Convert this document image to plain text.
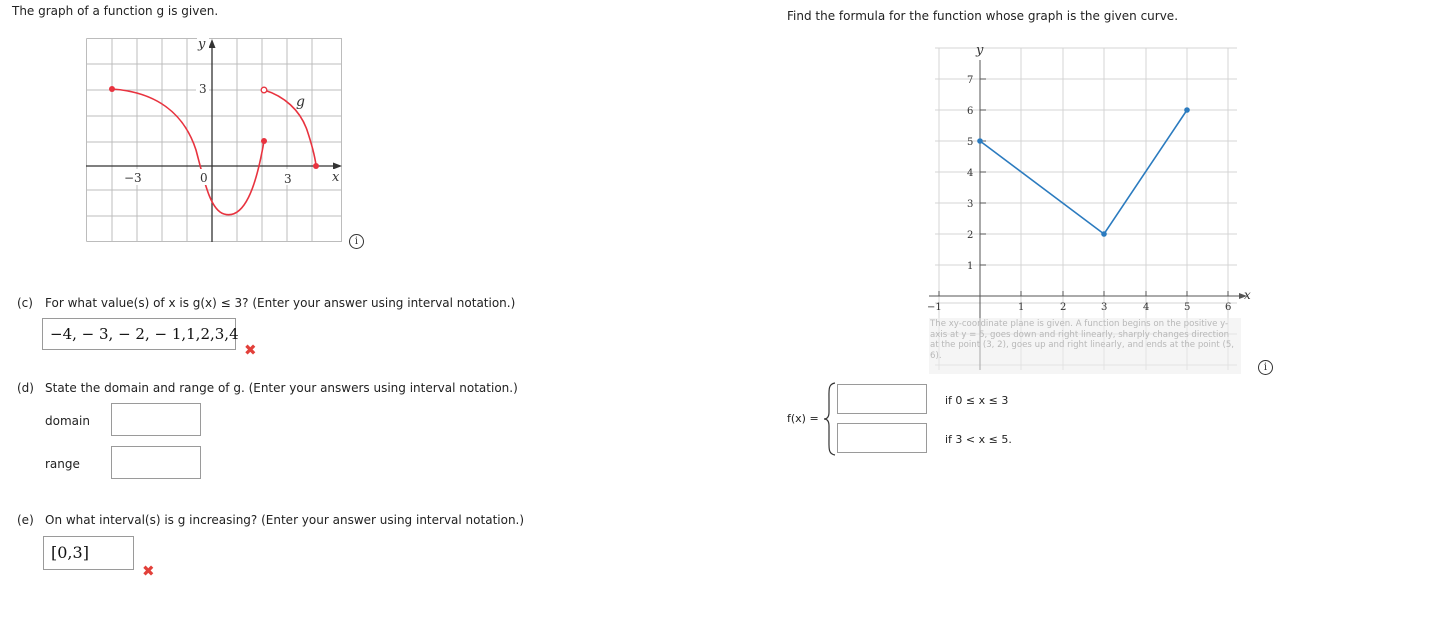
The graph of a function g is given.
y
3
g
−3	0	3	x
i
(c) For what value(s) of x is g(x) ≤ 3? (Enter your answer using interval notation.)
−4, − 3, − 2, − 1,1,2,3,4
✖
(d) State the domain and range of g. (Enter your answers using interval notation.)
domain
range
(e) On what interval(s) is g increasing? (Enter your answer using interval notation.)
[0,3]
✖
Find the formula for the function whose graph is the given curve.
7
6
5
4
3
2
1
−1	1	2	3	4	5	6
y
x
The xy-coordinate plane is given. A function begins on the positive y-axis at y = 5, goes down and right linearly, sharply changes direction at the point (3, 2), goes up and right linearly, and ends at the point (5, 6).
i
f(x) =
if 0 ≤ x ≤ 3
if 3 < x ≤ 5.
